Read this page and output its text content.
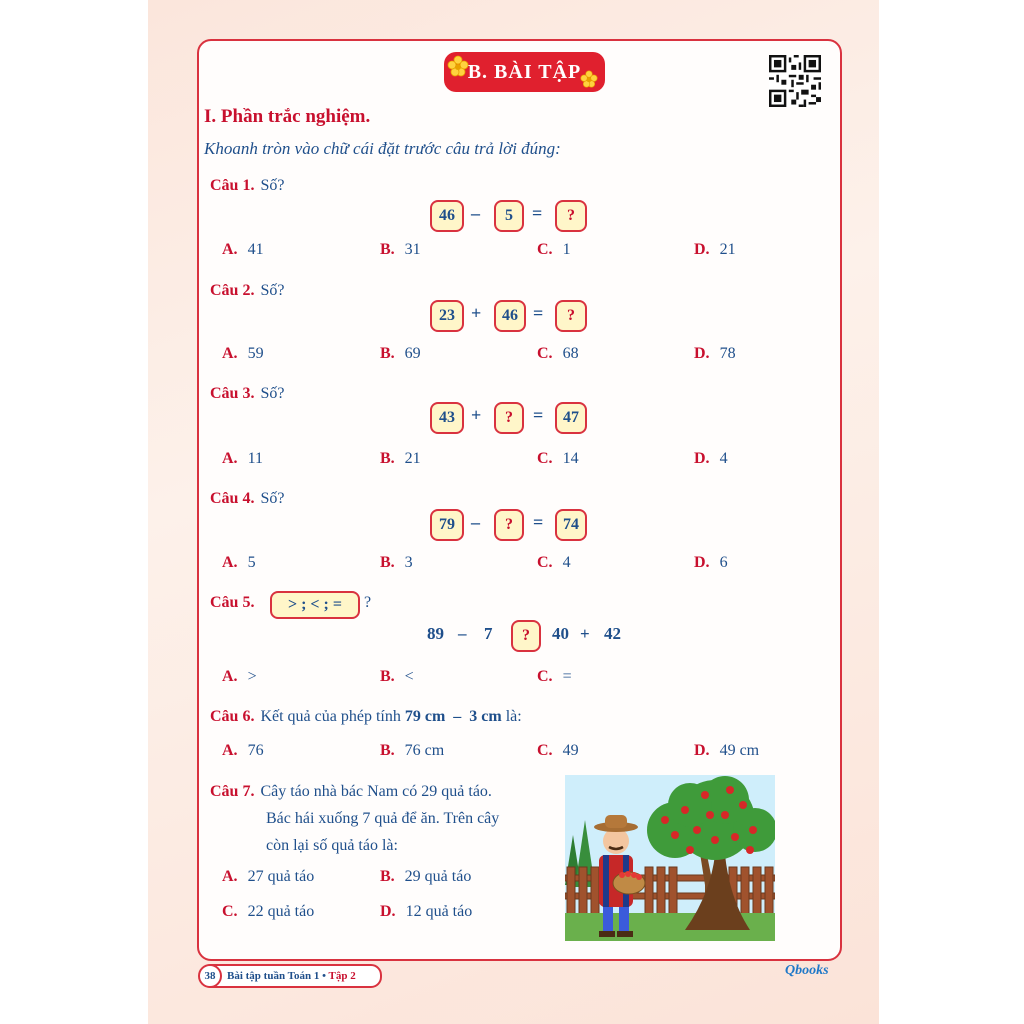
B. BÀI TẬP
I. Phần trắc nghiệm.
Khoanh tròn vào chữ cái đặt trước câu trả lời đúng:
Câu 1. Số?
46 –	5	=	?
A. 41	B. 31	C. 1	D. 21
Câu 2. Số?
23 +	46 =	?
A. 59	B. 69	C. 68	D. 78
Câu 3. Số?
43 +	?	=	47
A. 11	B. 21	C. 14	D. 4
Câu 4. Số?
79 –	?	=	74
A. 5	B. 3	C. 4	D. 6
Câu 5.	> ; < ; =	?
89 – 7	?	40 + 42
A. >	B. <	C. =
Câu 6. Kết quả của phép tính 79 cm – 3 cm là:
A. 76	B. 76 cm	C. 49	D. 49 cm
Câu 7. Cây táo nhà bác Nam có 29 quả táo.
Bác hái xuống 7 quả để ăn. Trên cây
còn lại số quả táo là:
A. 27 quả táo	B. 29 quả táo
C. 22 quả táo	D. 12 quả táo
38	Bài tập tuần Toán 1 • Tập 2	Qbooks
